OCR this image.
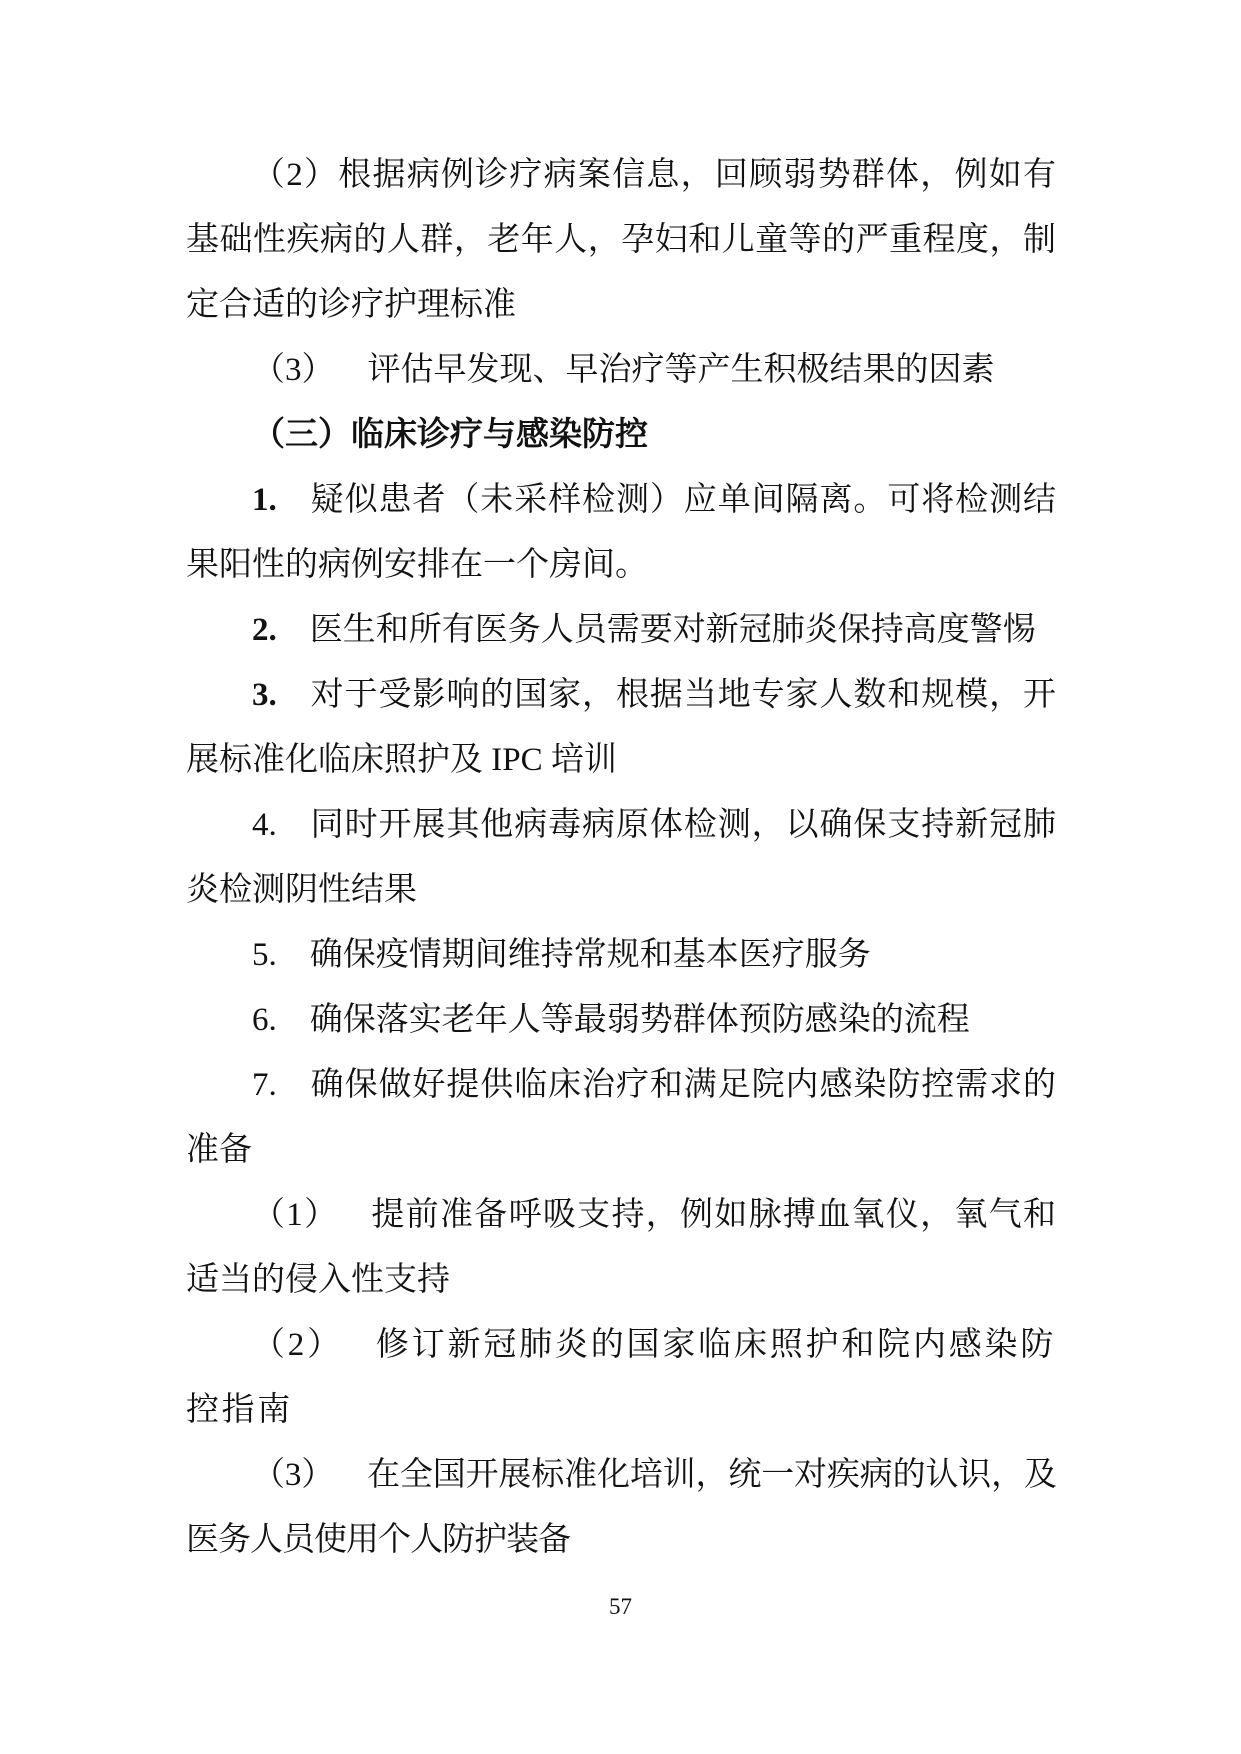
（2）根据病例诊疗病案信息，回顾弱势群体，例如有基础性疾病的人群，老年人，孕妇和儿童等的严重程度，制定合适的诊疗护理标准

（3） 评估早发现、早治疗等产生积极结果的因素

（三）临床诊疗与感染防控

1. 疑似患者（未采样检测）应单间隔离。可将检测结果阳性的病例安排在一个房间。

2. 医生和所有医务人员需要对新冠肺炎保持高度警惕

3. 对于受影响的国家，根据当地专家人数和规模，开展标准化临床照护及 IPC 培训

4. 同时开展其他病毒病原体检测，以确保支持新冠肺炎检测阴性结果

5. 确保疫情期间维持常规和基本医疗服务

6. 确保落实老年人等最弱势群体预防感染的流程

7. 确保做好提供临床治疗和满足院内感染防控需求的准备

（1） 提前准备呼吸支持，例如脉搏血氧仪，氧气和适当的侵入性支持

（2） 修订新冠肺炎的国家临床照护和院内感染防控指南

（3） 在全国开展标准化培训，统一对疾病的认识，及医务人员使用个人防护装备

57
